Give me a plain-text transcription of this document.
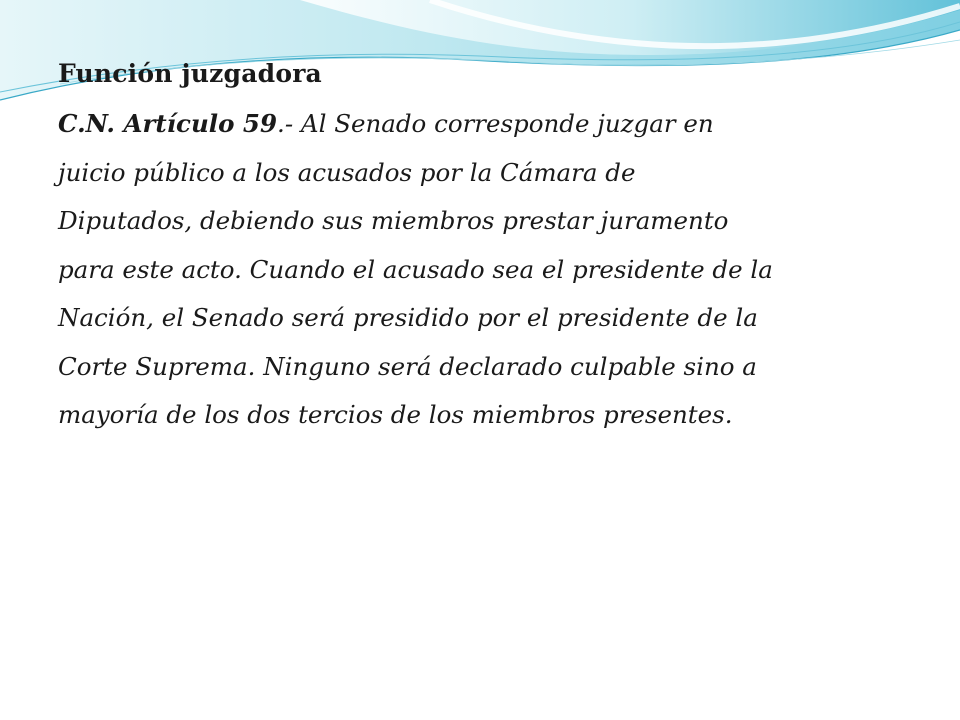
Función juzgadora

C.N. Artículo 59.- Al Senado corresponde juzgar en
juicio público a los acusados por la Cámara de
Diputados, debiendo sus miembros prestar juramento
para este acto. Cuando el acusado sea el presidente de la
Nación, el Senado será presidido por el presidente de la
Corte Suprema. Ninguno será declarado culpable sino a
mayoría de los dos tercios de los miembros presentes.
